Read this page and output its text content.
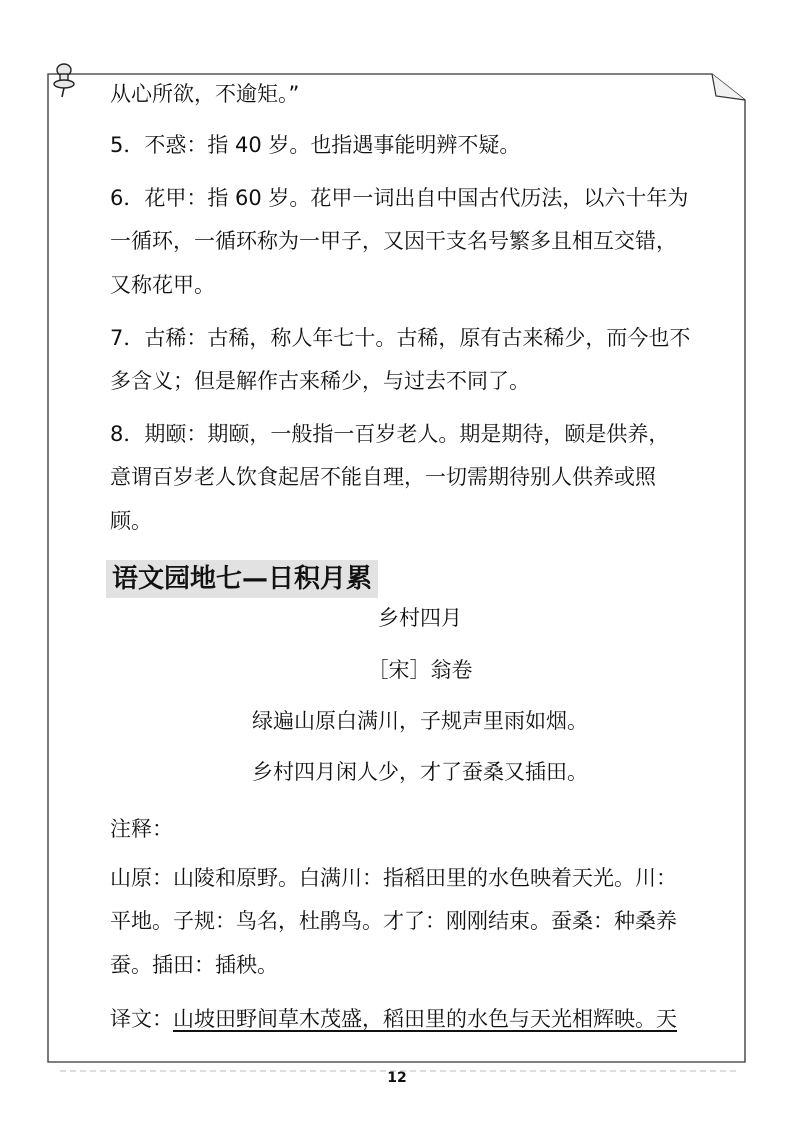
从心所欲，不逾矩。”
5．不惑：指 40 岁。也指遇事能明辨不疑。
6．花甲：指 60 岁。花甲一词出自中国古代历法，以六十年为
一循环，一循环称为一甲子，又因干支名号繁多且相互交错，
又称花甲。
7．古稀：古稀，称人年七十。古稀，原有古来稀少，而今也不
多含义；但是解作古来稀少，与过去不同了。
8．期颐：期颐，一般指一百岁老人。期是期待，颐是供养，
意谓百岁老人饮食起居不能自理，一切需期待别人供养或照
顾。
语文园地七—日积月累
乡村四月
［宋］翁卷
绿遍山原白满川，子规声里雨如烟。
乡村四月闲人少，才了蚕桑又插田。
注释：
山原：山陵和原野。白满川：指稻田里的水色映着天光。川：
平地。子规：鸟名，杜鹃鸟。才了：刚刚结束。蚕桑：种桑养
蚕。插田：插秧。
译文：山坡田野间草木茂盛，稻田里的水色与天光相辉映。天
12
